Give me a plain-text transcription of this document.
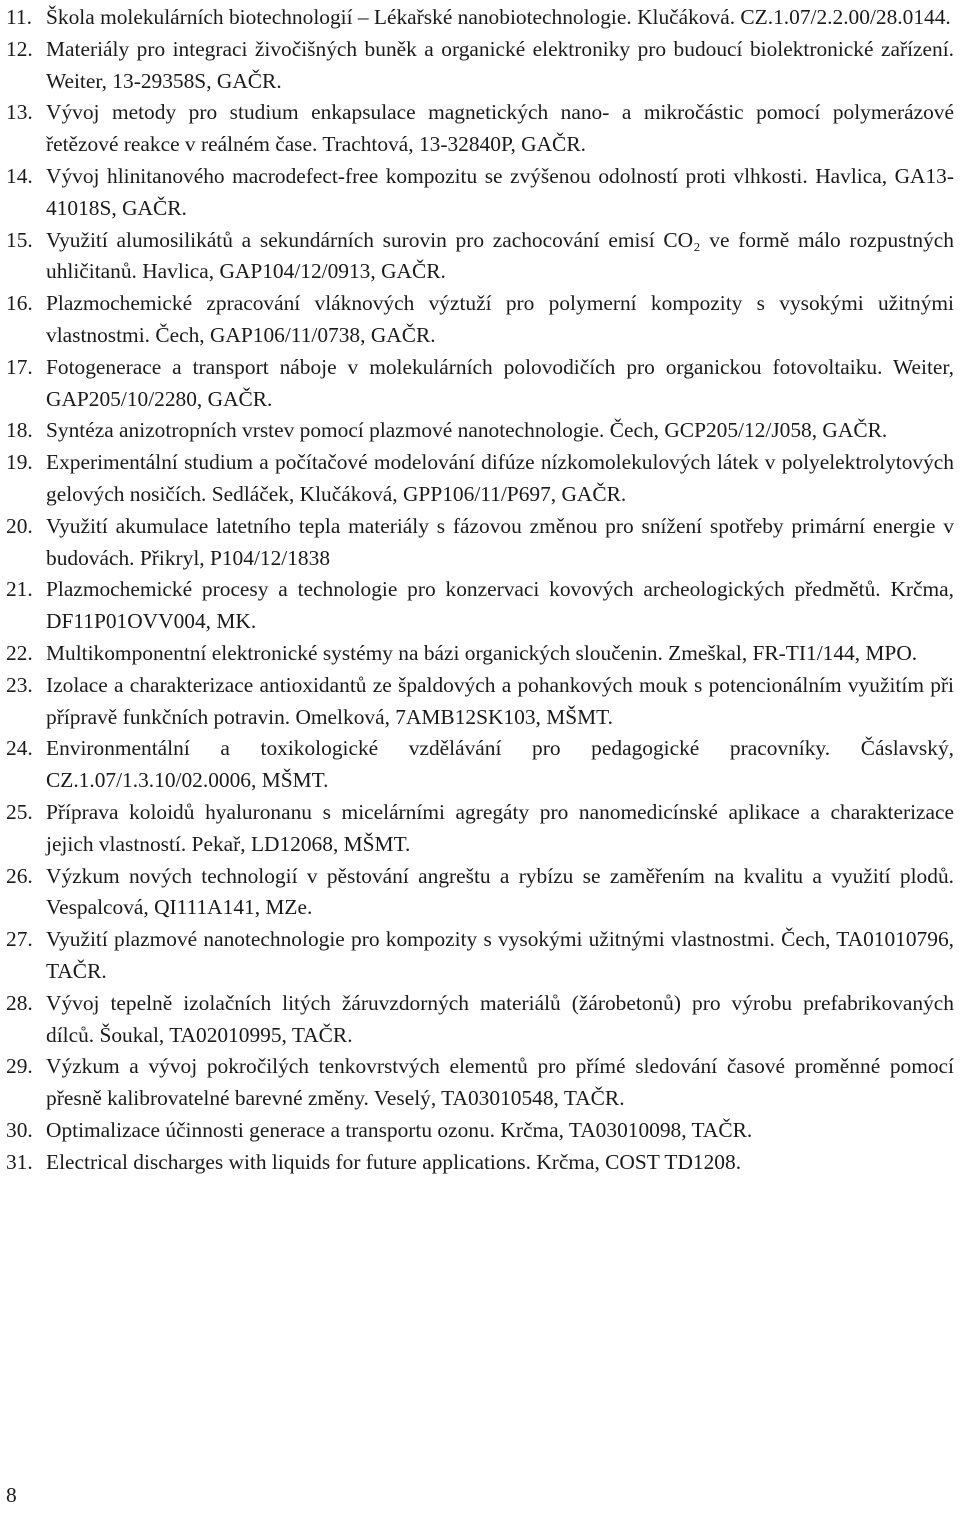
11. Škola molekulárních biotechnologií – Lékařské nanobiotechnologie. Klučáková. CZ.1.07/2.2.00/28.0144.
12. Materiály pro integraci živočišných buněk a organické elektroniky pro budoucí biolektronické zařízení. Weiter, 13-29358S, GAČR.
13. Vývoj metody pro studium enkapsulace magnetických nano- a mikročástic pomocí polymerázové řetězové reakce v reálném čase. Trachtová, 13-32840P, GAČR.
14. Vývoj hlinitanového macrodefect-free kompozitu se zvýšenou odolností proti vlhkosti. Havlica, GA13-41018S, GAČR.
15. Využití alumosilikátů a sekundárních surovin pro zachocování emisí CO₂ ve formě málo rozpustných uhličitanů. Havlica, GAP104/12/0913, GAČR.
16. Plazmochemické zpracování vláknových výztuží pro polymerní kompozity s vysokými užitnými vlastnostmi. Čech, GAP106/11/0738, GAČR.
17. Fotogenerace a transport náboje v molekulárních polovodičích pro organickou fotovoltaiku. Weiter, GAP205/10/2280, GAČR.
18. Syntéza anizotropních vrstev pomocí plazmové nanotechnologie. Čech, GCP205/12/J058, GAČR.
19. Experimentální studium a počítačové modelování difúze nízkomolekulových látek v polyelektrolytových gelových nosičích. Sedláček, Klučáková, GPP106/11/P697, GAČR.
20. Využití akumulace latetního tepla materiály s fázovou změnou pro snížení spotřeby primární energie v budovách. Přikryl, P104/12/1838
21. Plazmochemické procesy a technologie pro konzervaci kovových archeologických předmětů. Krčma, DF11P01OVV004, MK.
22. Multikomponentní elektronické systémy na bázi organických sloučenin. Zmeškal, FR-TI1/144, MPO.
23. Izolace a charakterizace antioxidantů ze špaldových a pohankových mouk s potencionálním využitím při přípravě funkčních potravin. Omelková, 7AMB12SK103, MŠMT.
24. Environmentální a toxikologické vzdělávání pro pedagogické pracovníky. Čáslavský, CZ.1.07/1.3.10/02.0006, MŠMT.
25. Příprava koloidů hyaluronanu s micelárními agregáty pro nanomedicínské aplikace a charakterizace jejich vlastností. Pekař, LD12068, MŠMT.
26. Výzkum nových technologií v pěstování angreštu a rybízu se zaměřením na kvalitu a využití plodů. Vespalcová, QI111A141, MZe.
27. Využití plazmové nanotechnologie pro kompozity s vysokými užitnými vlastnostmi. Čech, TA01010796, TAČR.
28. Vývoj tepelně izolačních litých žáruvzdorných materiálů (žárobetonů) pro výrobu prefabrikovaných dílců. Šoukal, TA02010995, TAČR.
29. Výzkum a vývoj pokročilých tenkovrstvých elementů pro přímé sledování časové proměnné pomocí přesně kalibrovatelné barevné změny. Veselý, TA03010548, TAČR.
30. Optimalizace účinnosti generace a transportu ozonu. Krčma, TA03010098, TAČR.
31. Electrical discharges with liquids for future applications. Krčma, COST TD1208.
8
